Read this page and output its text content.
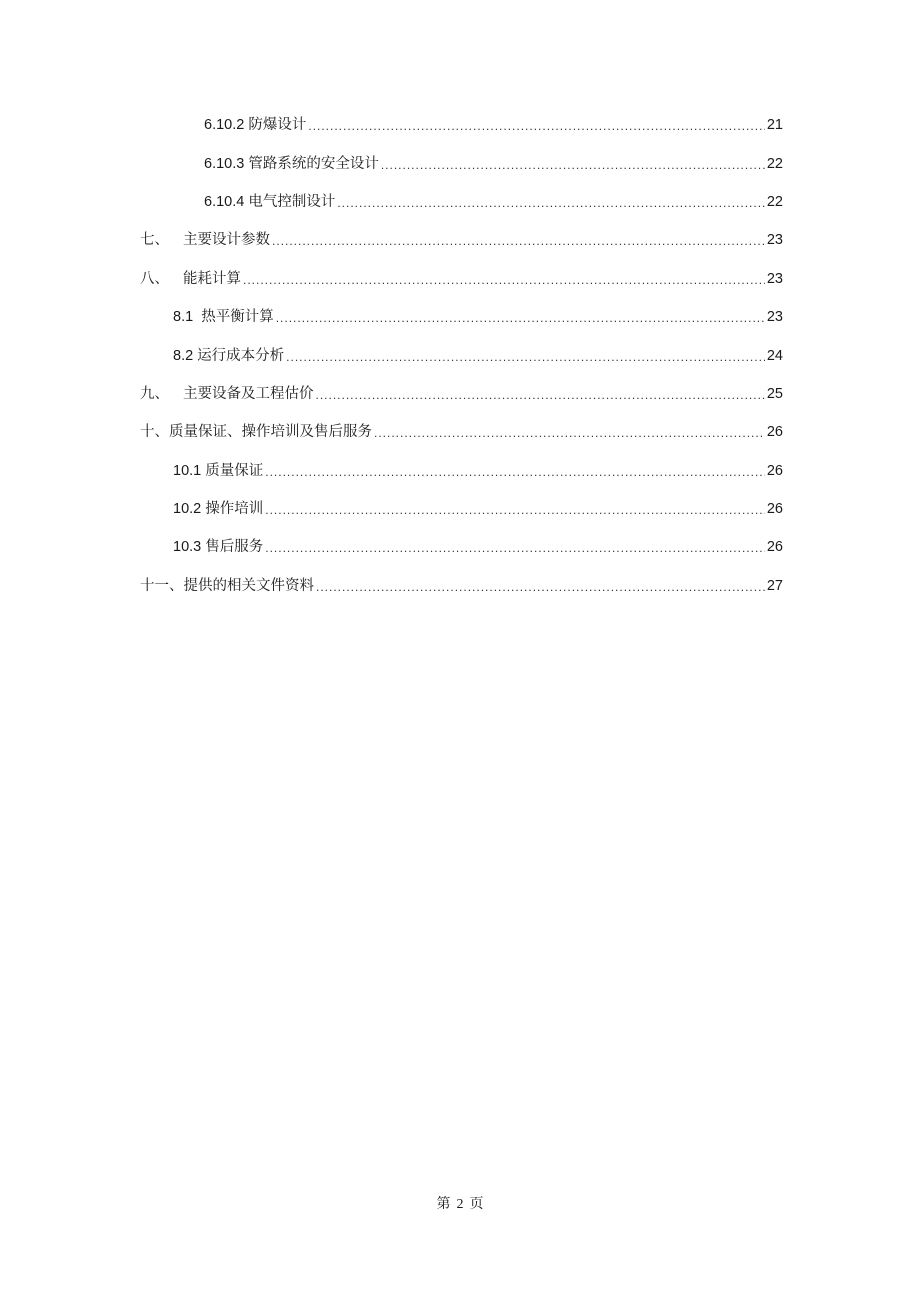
6.10.2 防爆设计 .....	21
6.10.3 管路系统的安全设计 .....	22
6.10.4 电气控制设计 .....	22
七、 主要设计参数 .....	23
八、 能耗计算 .....	23
8.1 热平衡计算 .....	23
8.2 运行成本分析 .....	24
九、 主要设备及工程估价 .....	25
十、质量保证、操作培训及售后服务 .....	26
10.1 质量保证 .....	26
10.2 操作培训 .....	26
10.3 售后服务 .....	26
十一、提供的相关文件资料 .....	27
第 2 页
